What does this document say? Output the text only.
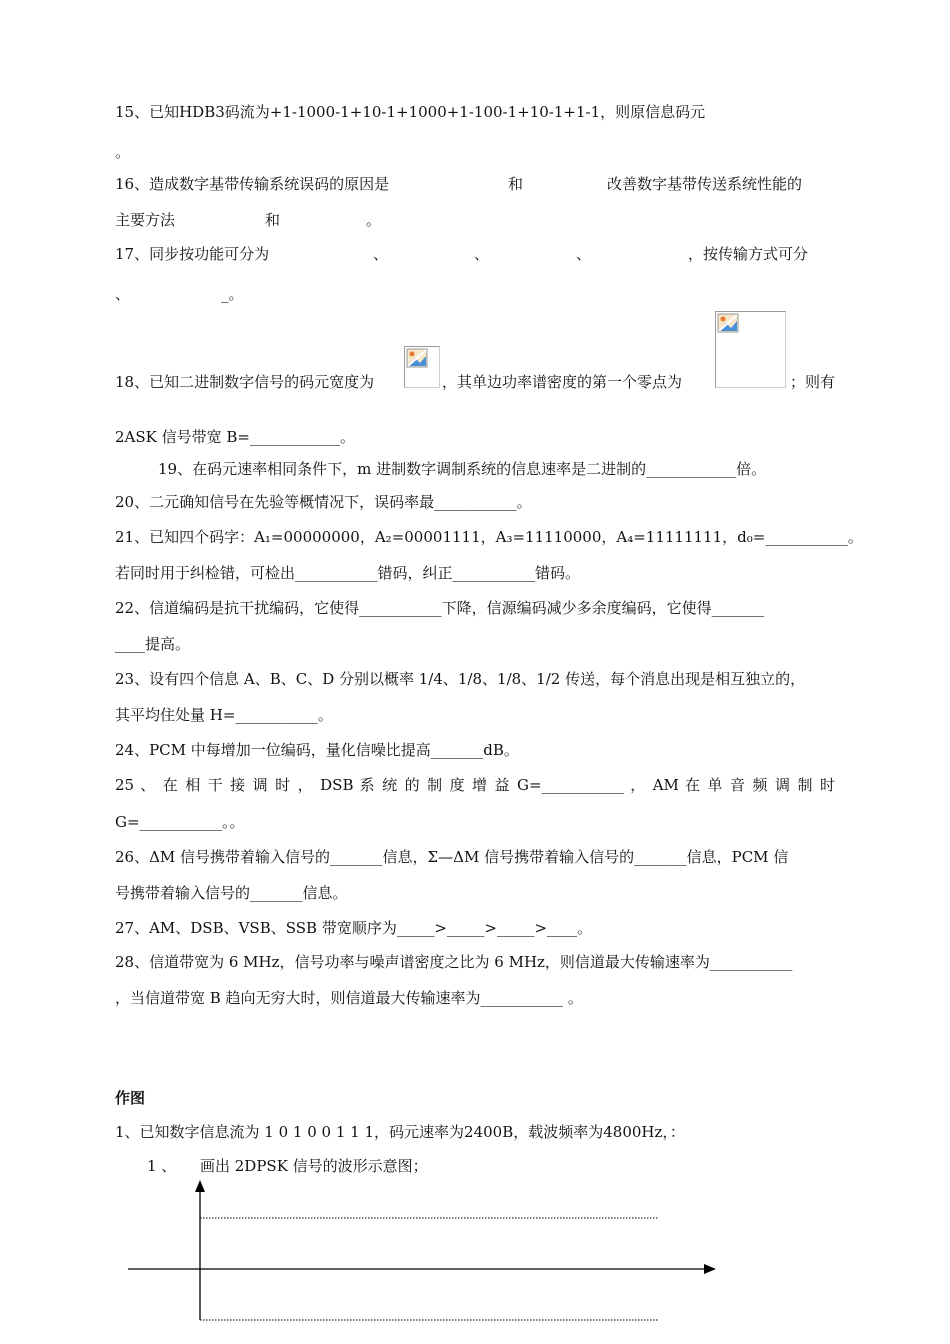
15、已知HDB3码流为+1-1000-1+10-1+1000+1-100-1+10-1+1-1，则原信息码元
。
16、造成数字基带传输系统误码的原因是	和	改善数字基带传送系统性能的
主要方法	和	。
17、同步按功能可分为	、	、	、	，按传输方式可分
、	_。
18、已知二进制数字信号的码元宽度为	，其单边功率谱密度的第一个零点为	；则有
2ASK 信号带宽 B=____________。
19、在码元速率相同条件下，m 进制数字调制系统的信息速率是二进制的____________倍。
20、二元确知信号在先验等概情况下，误码率最___________。
21、已知四个码字：A₁=00000000，A₂=00001111，A₃=11110000，A₄=11111111，d₀=___________。
若同时用于纠检错，可检出___________错码，纠正___________错码。
22、信道编码是抗干扰编码，它使得___________下降，信源编码减少多余度编码，它使得_______
____提高。
23、设有四个信息 A、B、C、D 分别以概率 1/4、1/8、1/8、1/2 传送，每个消息出现是相互独立的，
其平均住处量 H=___________。
24、PCM 中每增加一位编码，量化信噪比提高_______dB。
25 、 在 相 干 接 调 时 ， DSB 系 统 的 制 度 增 益 G=___________ ， AM 在 单 音 频 调 制 时
G=___________。。
26、ΔM 信号携带着输入信号的_______信息，Σ—ΔM 信号携带着输入信号的_______信息，PCM 信
号携带着输入信号的_______信息。
27、AM、DSB、VSB、SSB 带宽顺序为_____>_____>_____>____。
28、信道带宽为 6 MHz，信号功率与噪声谱密度之比为 6 MHz，则信道最大传输速率为___________
，当信道带宽 B 趋向无穷大时，则信道最大传输速率为___________ 。
作图
1、已知数字信息流为 1 0 1 0 0 1 1 1，码元速率为2400B，载波频率为4800Hz，：
1 、 画出 2DPSK 信号的波形示意图；
